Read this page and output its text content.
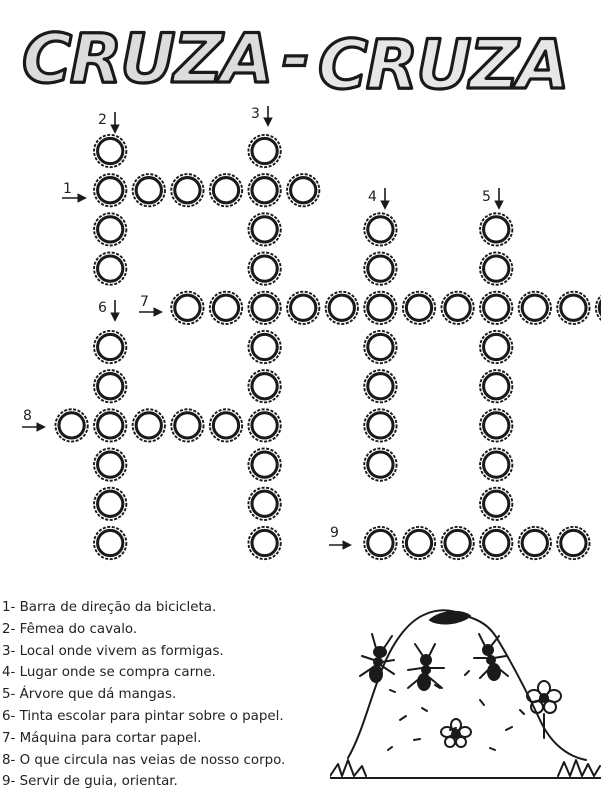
CRUZA - CRUZA
1
2	3
4	5
6 7
8
9
1- Barra de direção da bicicleta.
2- Fêmea do cavalo.
3- Local onde vivem as formigas.
4- Lugar onde se compra carne.
5- Árvore que dá mangas.
6- Tinta escolar para pintar sobre o papel.
7- Máquina para cortar papel.
8- O que circula nas veias de nosso corpo.
9- Servir de guia, orientar.
